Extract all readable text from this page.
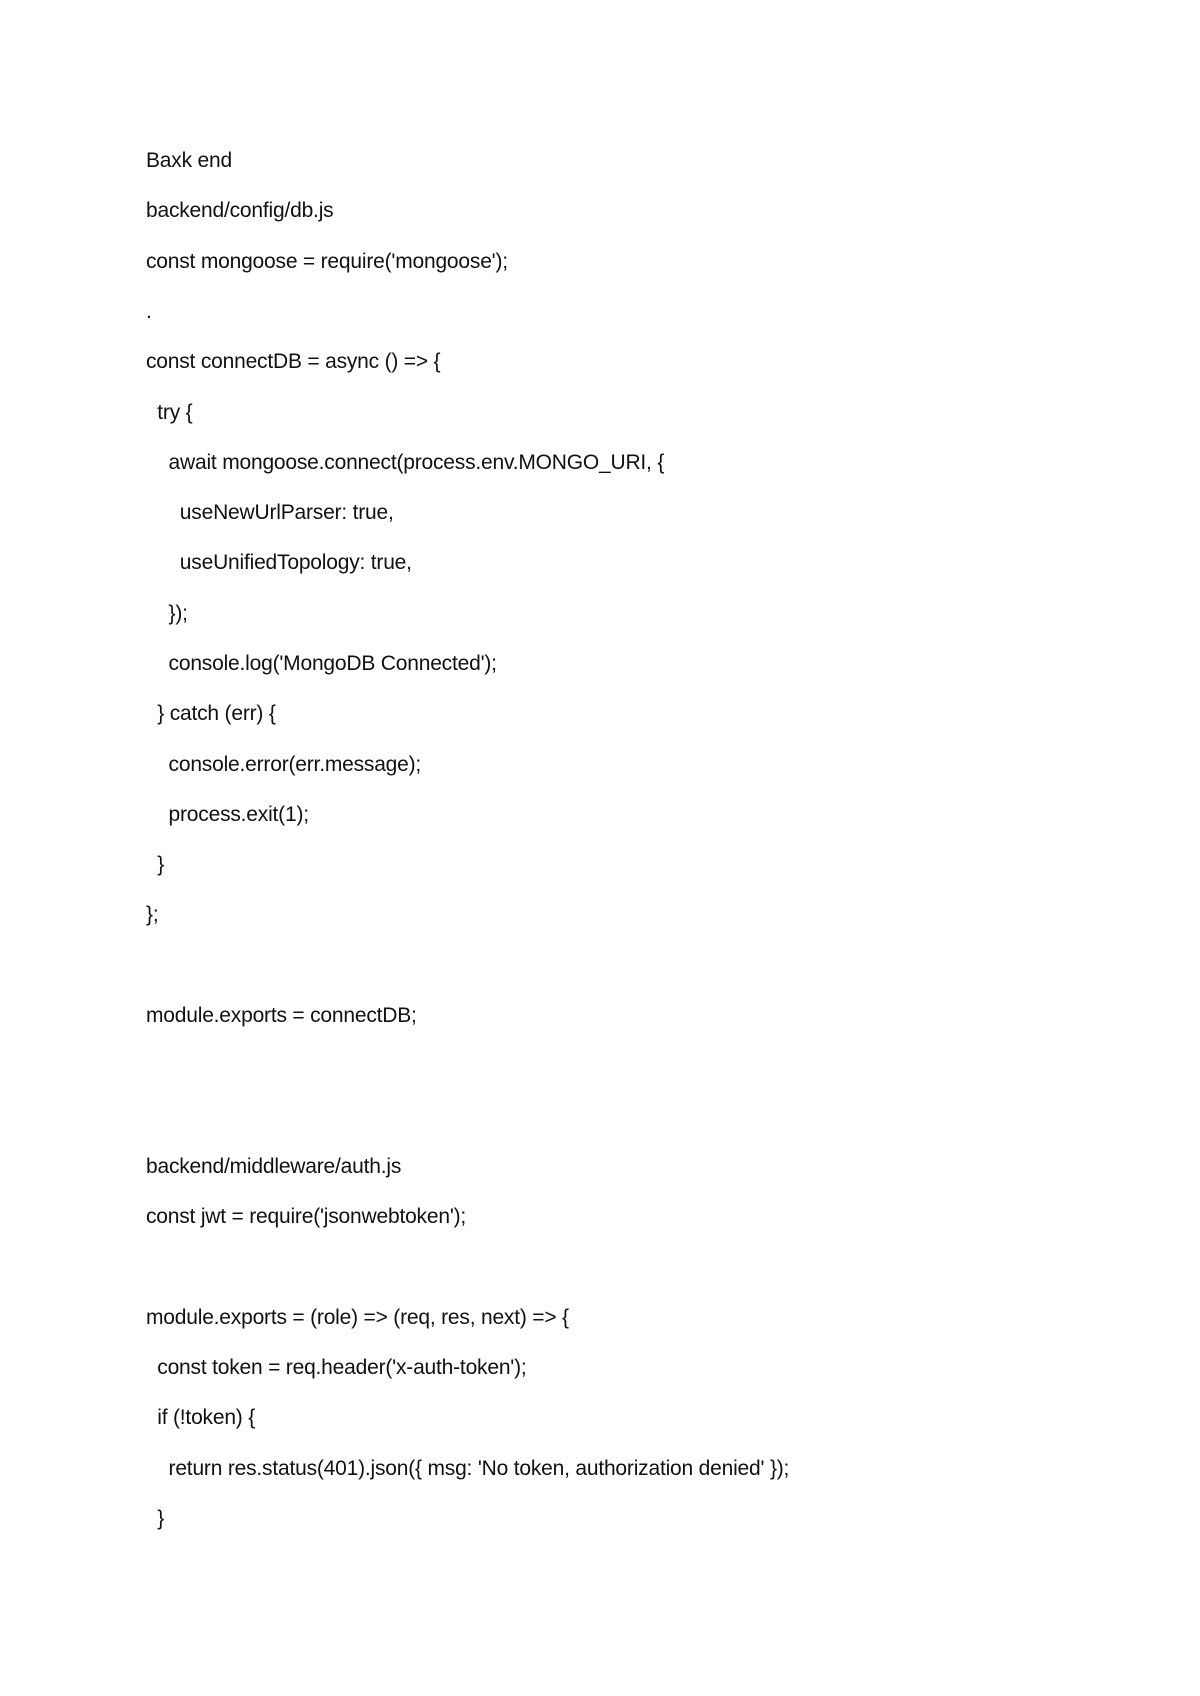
Baxk end
backend/config/db.js
const mongoose = require('mongoose');
.
const connectDB = async () => {
try {
await mongoose.connect(process.env.MONGO_URI, {
useNewUrlParser: true,
useUnifiedTopology: true,
});
console.log('MongoDB Connected');
} catch (err) {
console.error(err.message);
process.exit(1);
}
};
module.exports = connectDB;
backend/middleware/auth.js
const jwt = require('jsonwebtoken');
module.exports = (role) => (req, res, next) => {
const token = req.header('x-auth-token');
if (!token) {
return res.status(401).json({ msg: 'No token, authorization denied' });
}
